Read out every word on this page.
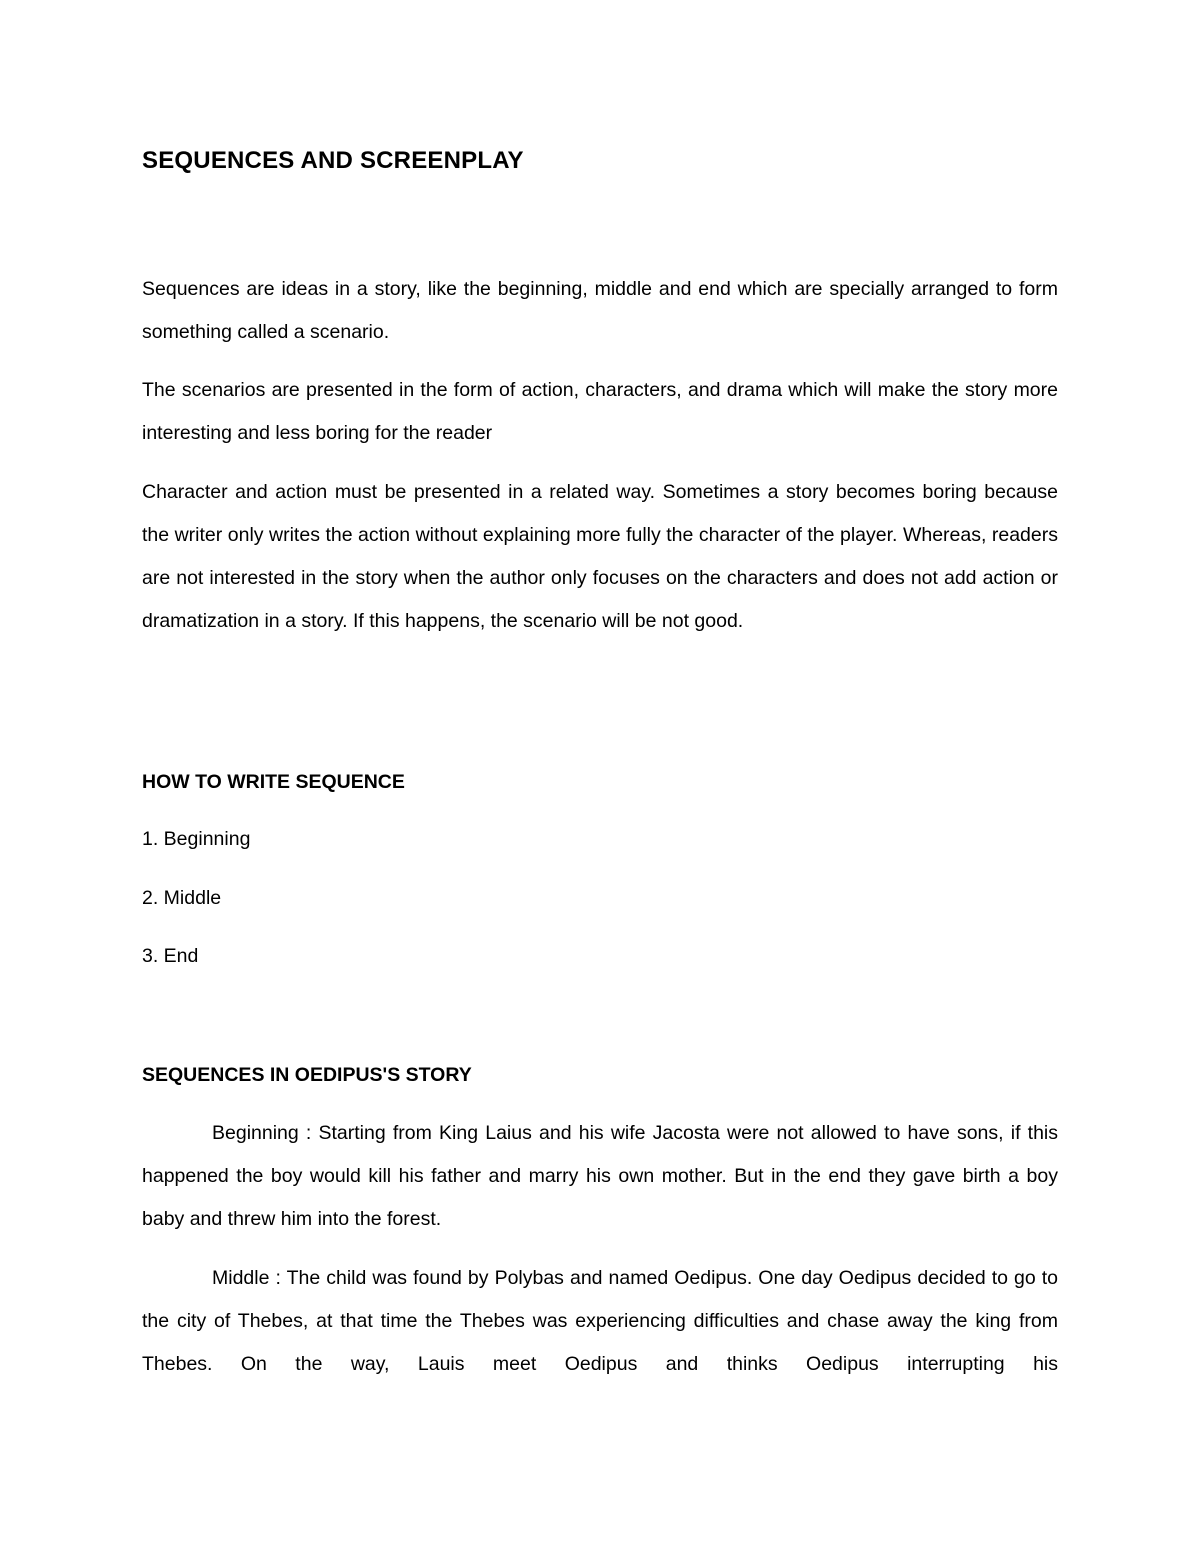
SEQUENCES AND SCREENPLAY

Sequences are ideas in a story, like the beginning, middle and end which are specially arranged to form something called a scenario.

The scenarios are presented in the form of action, characters, and drama which will make the story more interesting and less boring for the reader

Character and action must be presented in a related way. Sometimes a story becomes boring because the writer only writes the action without explaining more fully the character of the player. Whereas, readers are not interested in the story when the author only focuses on the characters and does not add action or dramatization in a story. If this happens, the scenario will be not good.

HOW TO WRITE SEQUENCE
1. Beginning
2. Middle
3. End
SEQUENCES IN OEDIPUS'S STORY

Beginning : Starting from King Laius and his wife Jacosta were not allowed to have sons, if this happened the boy would kill his father and marry his own mother. But in the end they gave birth a boy baby and threw him into the forest.

Middle : The child was found by Polybas and named Oedipus. One day Oedipus decided to go to the city of Thebes, at that time the Thebes was experiencing difficulties and chase away the king from Thebes. On the way, Lauis meet Oedipus and thinks Oedipus interrupting his
